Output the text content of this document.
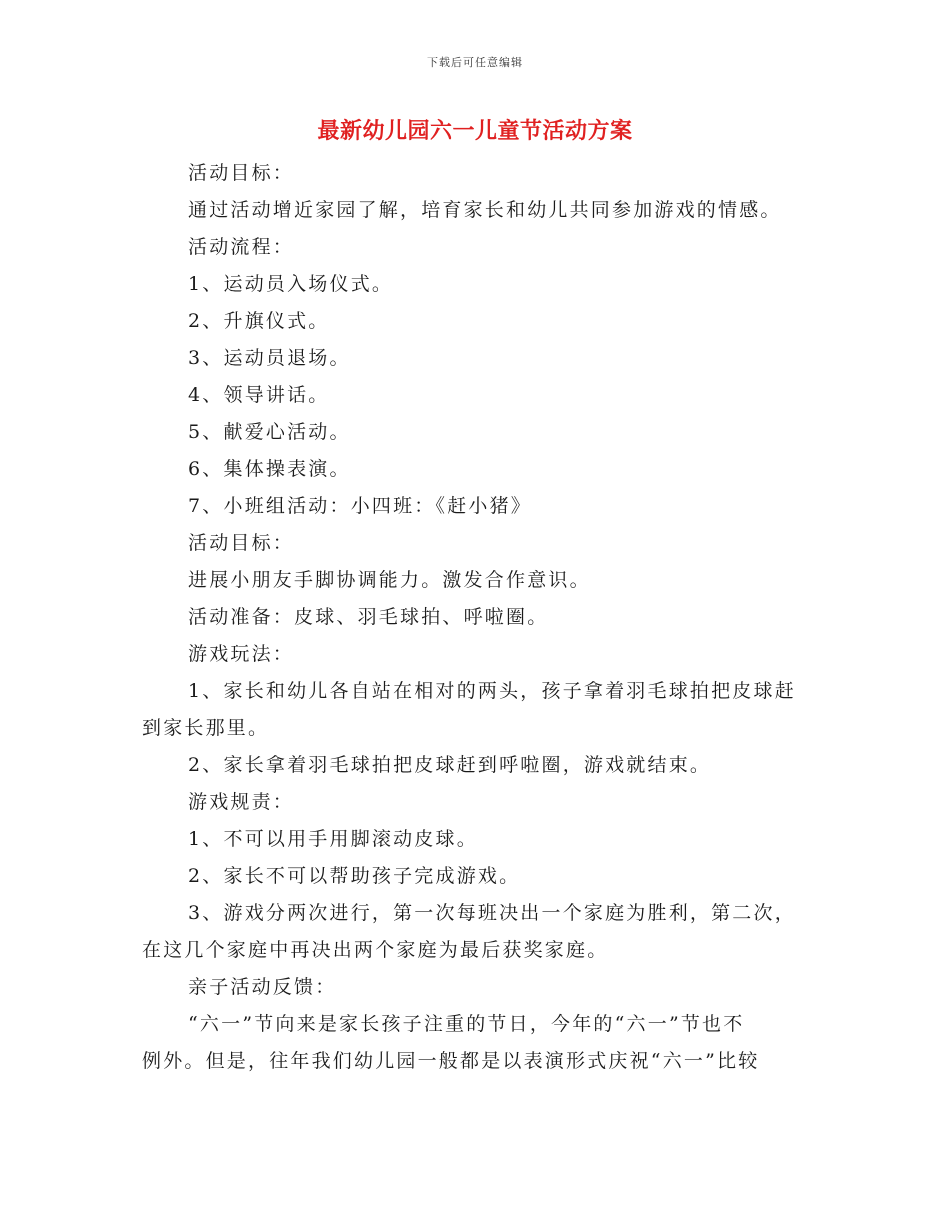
下载后可任意编辑
最新幼儿园六一儿童节活动方案
活动目标：
通过活动增近家园了解，培育家长和幼儿共同参加游戏的情感。
活动流程：
1、运动员入场仪式。
2、升旗仪式。
3、运动员退场。
4、领导讲话。
5、献爱心活动。
6、集体操表演。
7、小班组活动：小四班：《赶小猪》
活动目标：
进展小朋友手脚协调能力。激发合作意识。
活动准备：皮球、羽毛球拍、呼啦圈。
游戏玩法：
1、家长和幼儿各自站在相对的两头，孩子拿着羽毛球拍把皮球赶
到家长那里。
2、家长拿着羽毛球拍把皮球赶到呼啦圈，游戏就结束。
游戏规责：
1、不可以用手用脚滚动皮球。
2、家长不可以帮助孩子完成游戏。
3、游戏分两次进行，第一次每班决出一个家庭为胜利，第二次，
在这几个家庭中再决出两个家庭为最后获奖家庭。
亲子活动反馈：
“六一”节向来是家长孩子注重的节日，今年的“六一”节也不
例外。但是，往年我们幼儿园一般都是以表演形式庆祝“六一”比较
